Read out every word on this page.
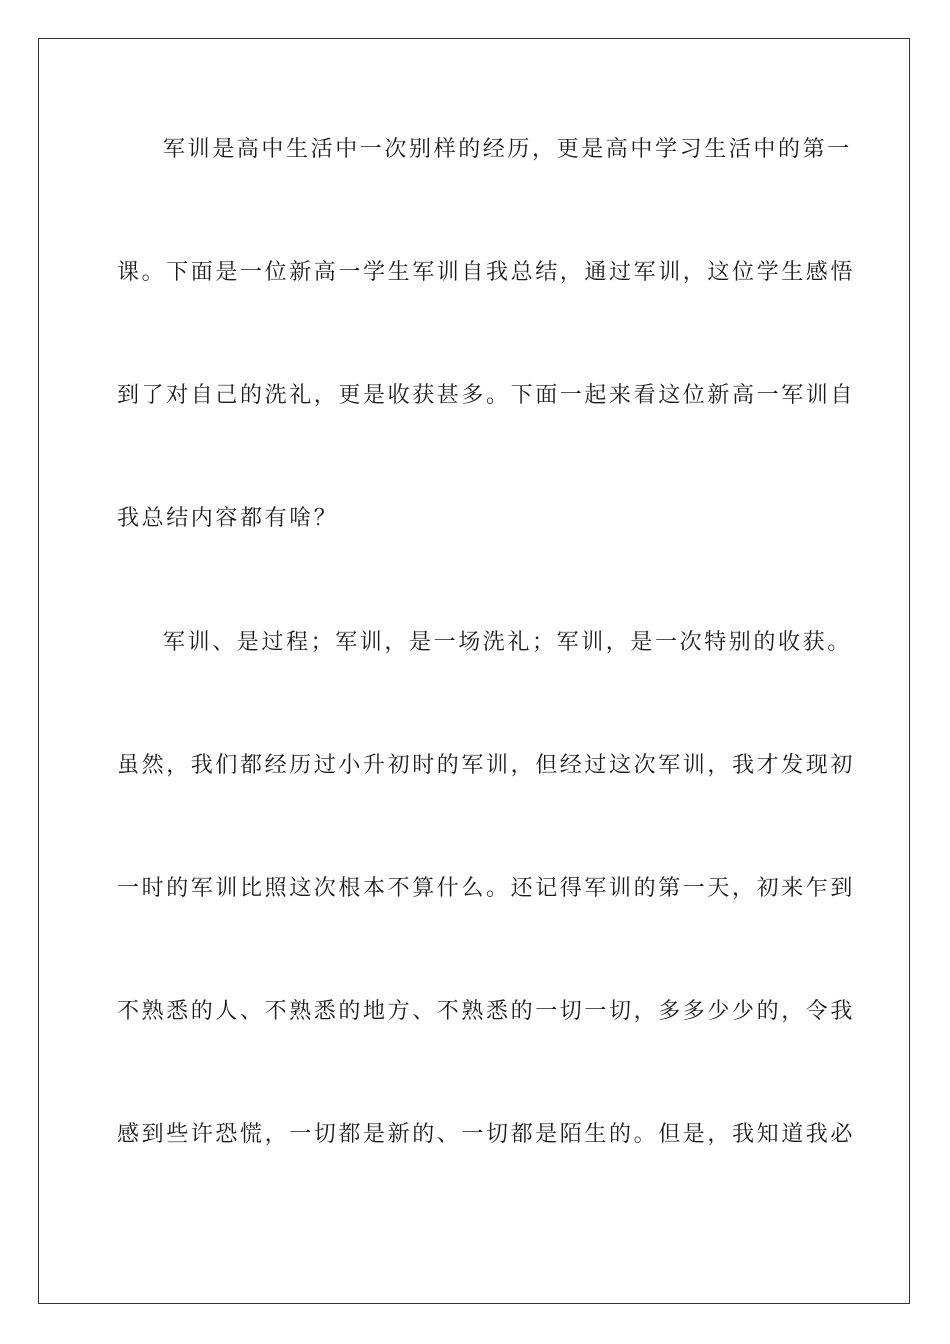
军训是高中生活中一次别样的经历，更是高中学习生活中的第一
课。下面是一位新高一学生军训自我总结，通过军训，这位学生感悟
到了对自己的洗礼，更是收获甚多。下面一起来看这位新高一军训自
我总结内容都有啥？
军训、是过程；军训，是一场洗礼；军训，是一次特别的收获。
虽然，我们都经历过小升初时的军训，但经过这次军训，我才发现初
一时的军训比照这次根本不算什么。还记得军训的第一天，初来乍到
不熟悉的人、不熟悉的地方、不熟悉的一切一切，多多少少的，令我
感到些许恐慌，一切都是新的、一切都是陌生的。但是，我知道我必
